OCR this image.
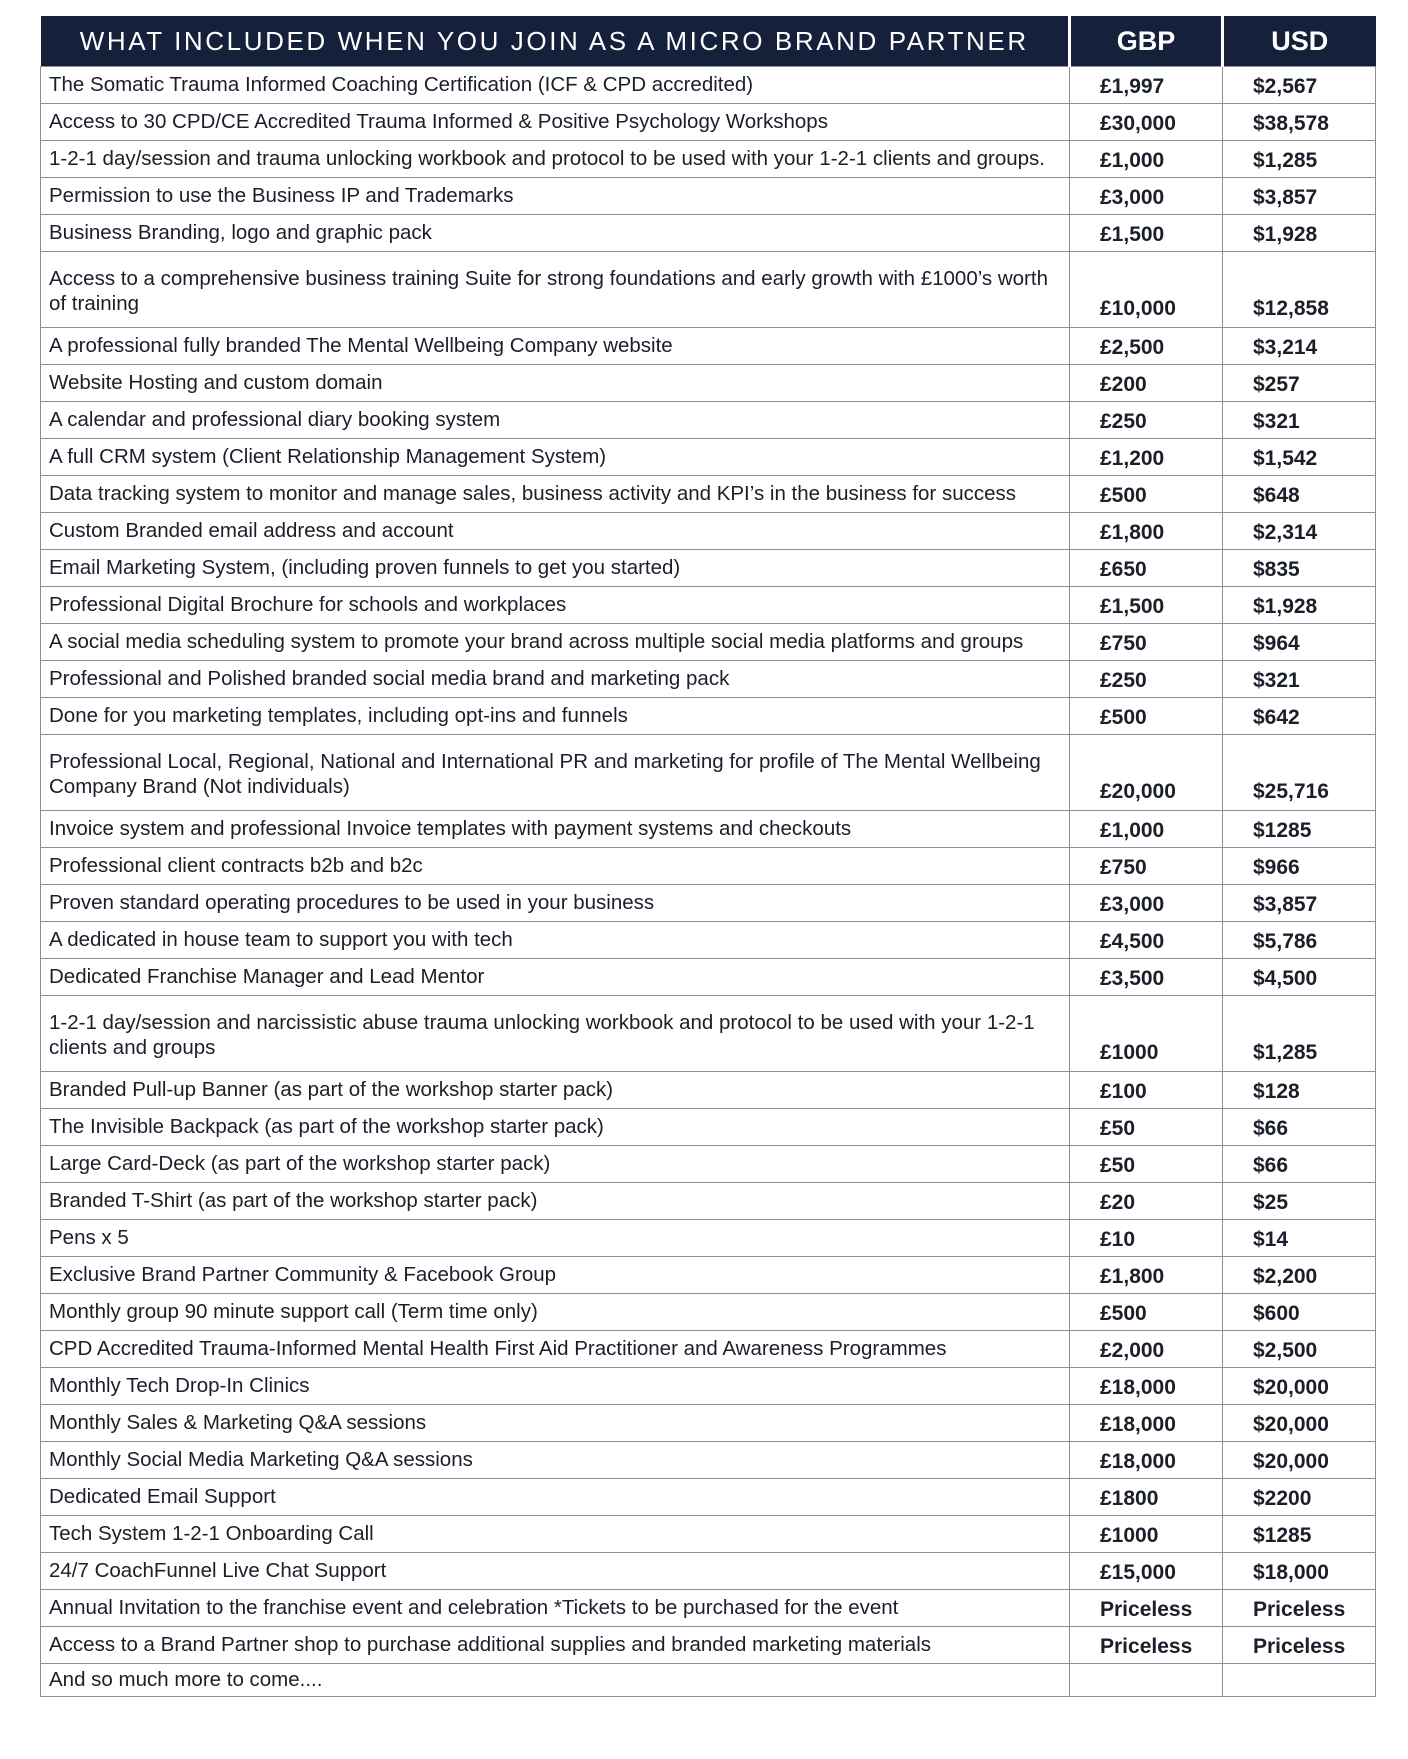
WHAT INCLUDED WHEN YOU JOIN AS A MICRO BRAND PARTNER	GBP	USD
The Somatic Trauma Informed Coaching Certification (ICF & CPD accredited)	£1,997	$2,567
Access to 30 CPD/CE Accredited Trauma Informed & Positive Psychology Workshops	£30,000	$38,578
1-2-1 day/session and trauma unlocking workbook and protocol to be used with your 1-2-1 clients and groups.	£1,000	$1,285
Permission to use the Business IP and Trademarks	£3,000	$3,857
Business Branding, logo and graphic pack	£1,500	$1,928
Access to a comprehensive business training Suite for strong foundations and early growth with £1000’s worth of training	£10,000	$12,858
A professional fully branded The Mental Wellbeing Company website	£2,500	$3,214
Website Hosting and custom domain	£200	$257
A calendar and professional diary booking system	£250	$321
A full CRM system (Client Relationship Management System)	£1,200	$1,542
Data tracking system to monitor and manage sales, business activity and KPI’s in the business for success	£500	$648
Custom Branded email address and account	£1,800	$2,314
Email Marketing System, (including proven funnels to get you started)	£650	$835
Professional Digital Brochure for schools and workplaces	£1,500	$1,928
A social media scheduling system to promote your brand across multiple social media platforms and groups	£750	$964
Professional and Polished branded social media brand and marketing pack	£250	$321
Done for you marketing templates, including opt-ins and funnels	£500	$642
Professional Local, Regional, National and International PR and marketing for profile of The Mental Wellbeing Company Brand (Not individuals)	£20,000	$25,716
Invoice system and professional Invoice templates with payment systems and checkouts	£1,000	$1285
Professional client contracts b2b and b2c	£750	$966
Proven standard operating procedures to be used in your business	£3,000	$3,857
A dedicated in house team to support you with tech	£4,500	$5,786
Dedicated Franchise Manager and Lead Mentor	£3,500	$4,500
1-2-1 day/session and narcissistic abuse trauma unlocking workbook and protocol to be used with your 1-2-1 clients and groups	£1000	$1,285
Branded Pull-up Banner (as part of the workshop starter pack)	£100	$128
The Invisible Backpack (as part of the workshop starter pack)	£50	$66
Large Card-Deck (as part of the workshop starter pack)	£50	$66
Branded T-Shirt (as part of the workshop starter pack)	£20	$25
Pens x 5	£10	$14
Exclusive Brand Partner Community & Facebook Group	£1,800	$2,200
Monthly group 90 minute support call (Term time only)	£500	$600
CPD Accredited Trauma-Informed Mental Health First Aid Practitioner and Awareness Programmes	£2,000	$2,500
Monthly Tech Drop-In Clinics	£18,000	$20,000
Monthly Sales & Marketing Q&A sessions	£18,000	$20,000
Monthly Social Media Marketing Q&A sessions	£18,000	$20,000
Dedicated Email Support	£1800	$2200
Tech System 1-2-1 Onboarding Call	£1000	$1285
24/7 CoachFunnel Live Chat Support	£15,000	$18,000
Annual Invitation to the franchise event and celebration *Tickets to be purchased for the event	Priceless	Priceless
Access to a Brand Partner shop to purchase additional supplies and branded marketing materials	Priceless	Priceless
And so much more to come....		
